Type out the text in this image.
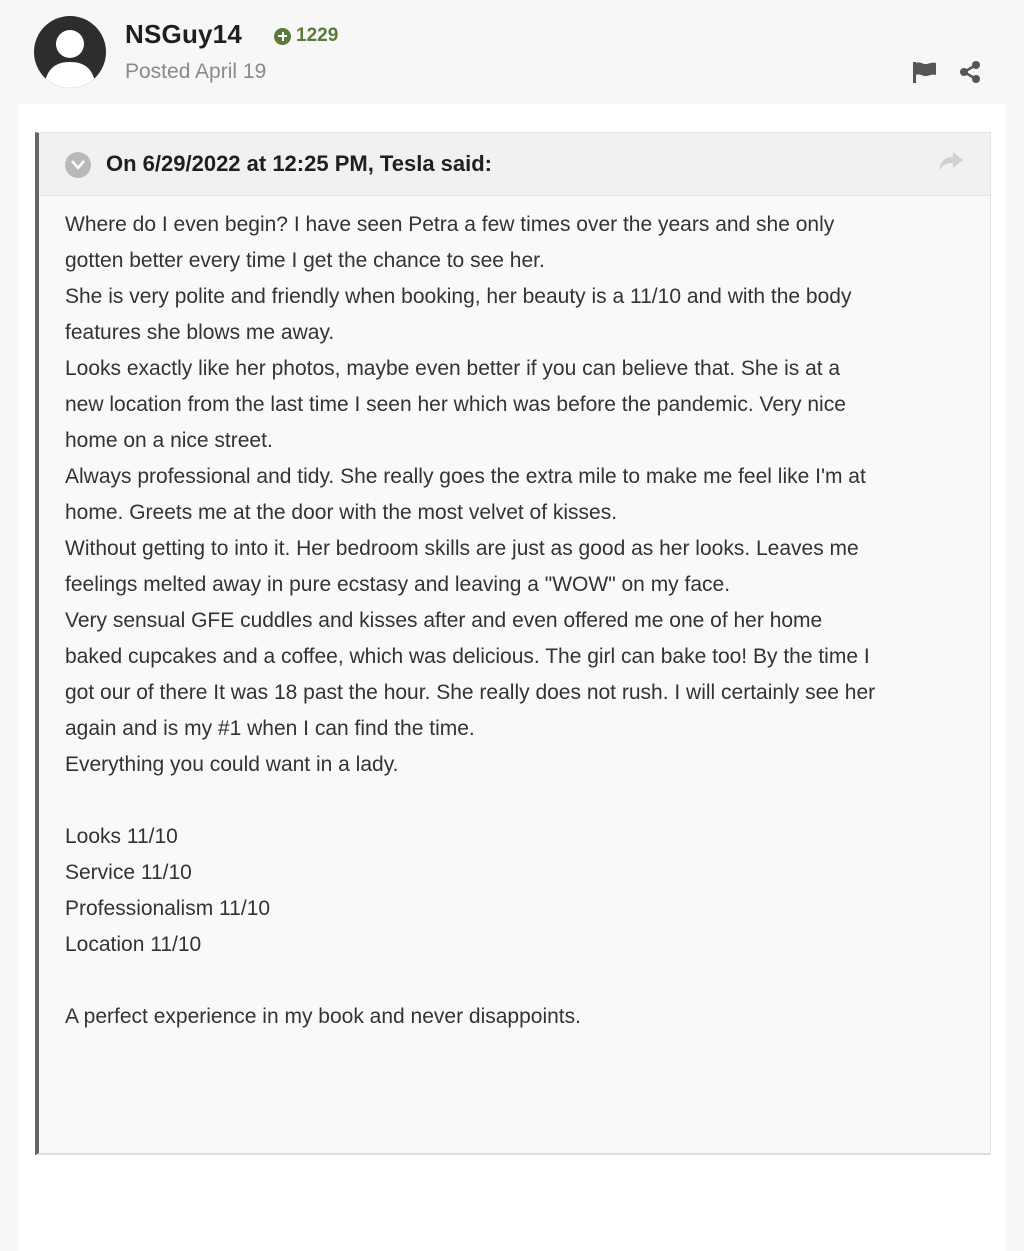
NSGuy14	1229
Posted April 19
On 6/29/2022 at 12:25 PM, Tesla said:

Where do I even begin? I have seen Petra a few times over the years and she only

gotten better every time I get the chance to see her.

She is very polite and friendly when booking, her beauty is a 11/10 and with the body

features she blows me away.

Looks exactly like her photos, maybe even better if you can believe that. She is at a

new location from the last time I seen her which was before the pandemic. Very nice

home on a nice street.

Always professional and tidy. She really goes the extra mile to make me feel like I'm at

home. Greets me at the door with the most velvet of kisses.

Without getting to into it. Her bedroom skills are just as good as her looks. Leaves me

feelings melted away in pure ecstasy and leaving a "WOW" on my face.

Very sensual GFE cuddles and kisses after and even offered me one of her home

baked cupcakes and a coffee, which was delicious. The girl can bake too! By the time I

got our of there It was 18 past the hour. She really does not rush. I will certainly see her

again and is my #1 when I can find the time.

Everything you could want in a lady.

Looks 11/10

Service 11/10

Professionalism 11/10

Location 11/10

A perfect experience in my book and never disappoints.
